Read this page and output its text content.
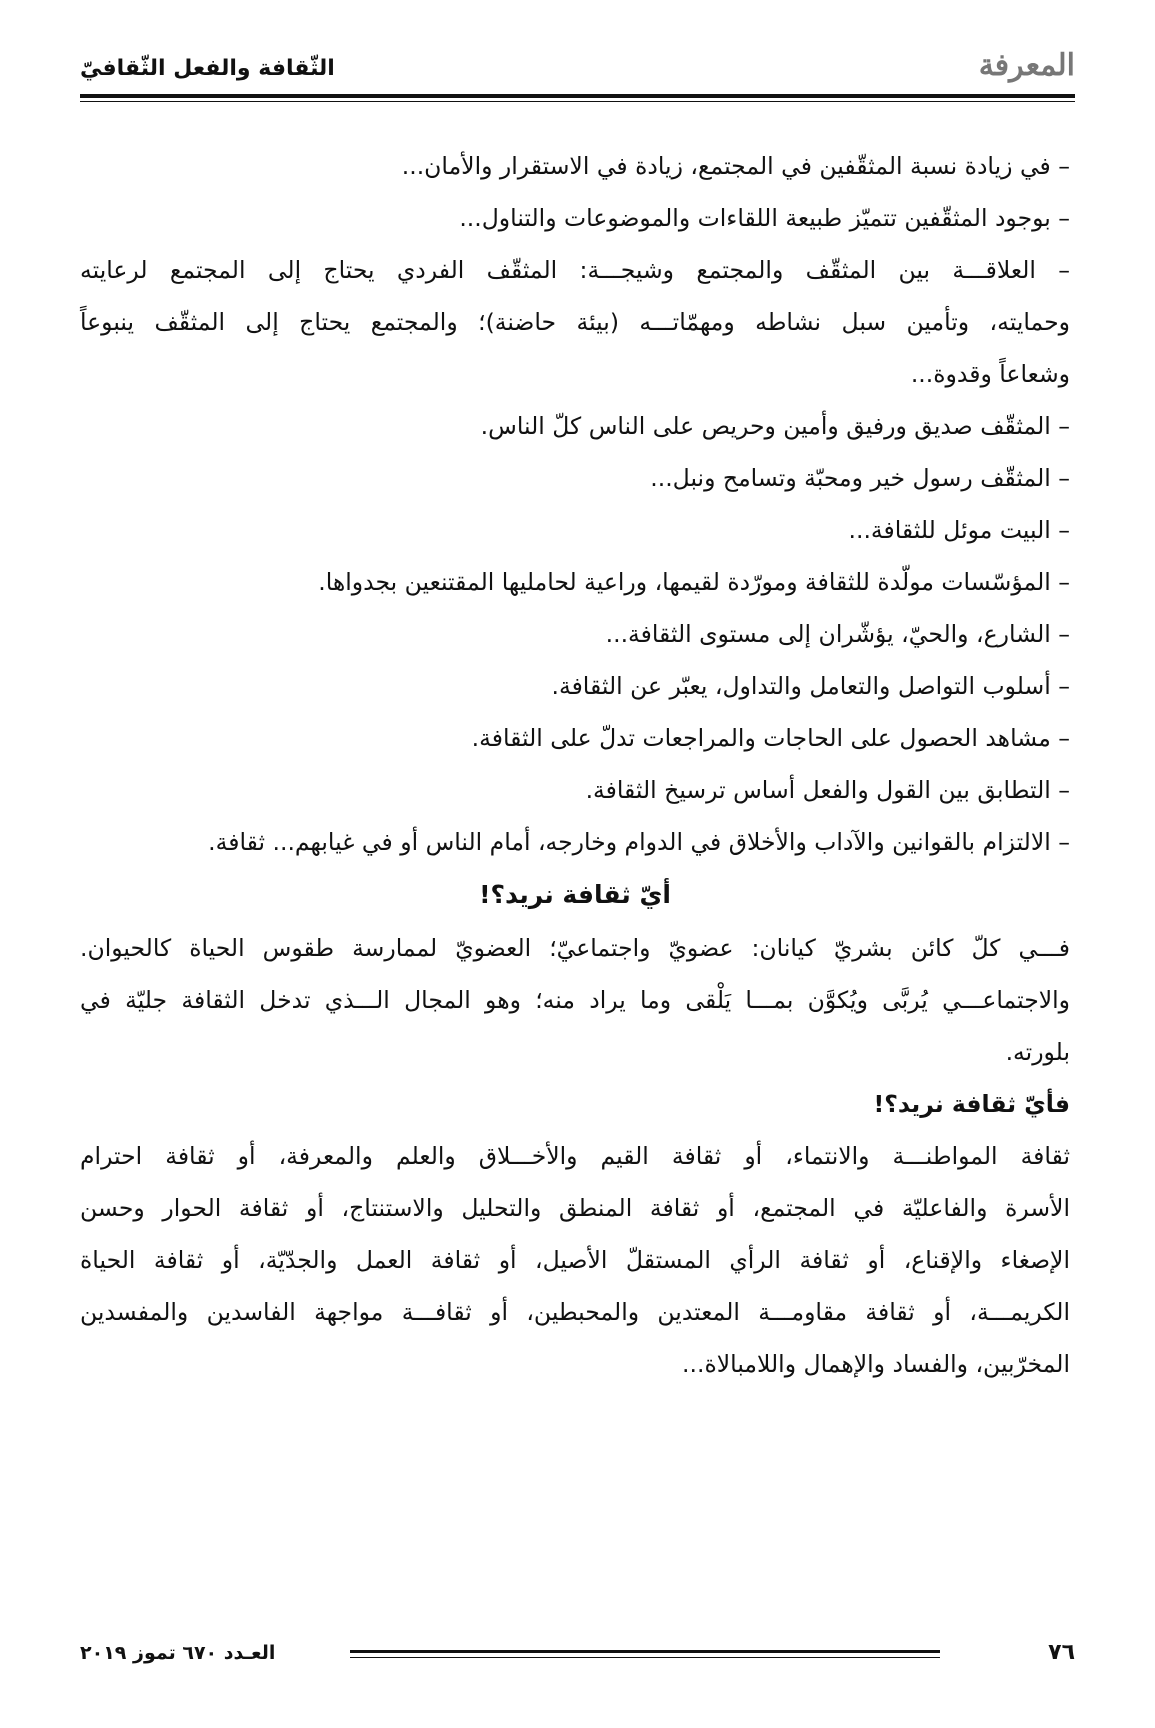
المعرفة
الثّقافة والفعل الثّقافيّ

– في زيادة نسبة المثقّفين في المجتمع، زيادة في الاستقرار والأمان...

– بوجود المثقّفين تتميّز طبيعة اللقاءات والموضوعات والتناول...

– العلاقـــة بين المثقّف والمجتمع وشيجـــة: المثقّف الفردي يحتاج إلى المجتمع لرعايته

وحمايته، وتأمين سبل نشاطه ومهمّاتـــه (بيئة حاضنة)؛ والمجتمع يحتاج إلى المثقّف ينبوعاً

وشعاعاً وقدوة...

– المثقّف صديق ورفيق وأمين وحريص على الناس كلّ الناس.

– المثقّف رسول خير ومحبّة وتسامح ونبل...

– البيت موئل للثقافة...

– المؤسّسات مولّدة للثقافة ومورّدة لقيمها، وراعية لحامليها المقتنعين بجدواها.

– الشارع، والحيّ، يؤشّران إلى مستوى الثقافة...

– أسلوب التواصل والتعامل والتداول، يعبّر عن الثقافة.

– مشاهد الحصول على الحاجات والمراجعات تدلّ على الثقافة.

– التطابق بين القول والفعل أساس ترسيخ الثقافة.

– الالتزام بالقوانين والآداب والأخلاق في الدوام وخارجه، أمام الناس أو في غيابهم... ثقافة.

أيّ ثقافة نريد؟!

فـــي كلّ كائن بشريّ كيانان: عضويّ واجتماعيّ؛ العضويّ لممارسة طقوس الحياة كالحيوان.

والاجتماعـــي يُربَّى ويُكوَّن بمـــا يَلْقى وما يراد منه؛ وهو المجال الـــذي تدخل الثقافة جليّة في

بلورته.

فأيّ ثقافة نريد؟!

ثقافة المواطنـــة والانتماء، أو ثقافة القيم والأخـــلاق والعلم والمعرفة، أو ثقافة احترام

الأسرة والفاعليّة في المجتمع، أو ثقافة المنطق والتحليل والاستنتاج، أو ثقافة الحوار وحسن

الإصغاء والإقناع، أو ثقافة الرأي المستقلّ الأصيل، أو ثقافة العمل والجدّيّة، أو ثقافة الحياة

الكريمـــة، أو ثقافة مقاومـــة المعتدين والمحبطين، أو ثقافـــة مواجهة الفاسدين والمفسدين

المخرّبين، والفساد والإهمال واللامبالاة...

٧٦
العـدد ٦٧٠ تموز ٢٠١٩
